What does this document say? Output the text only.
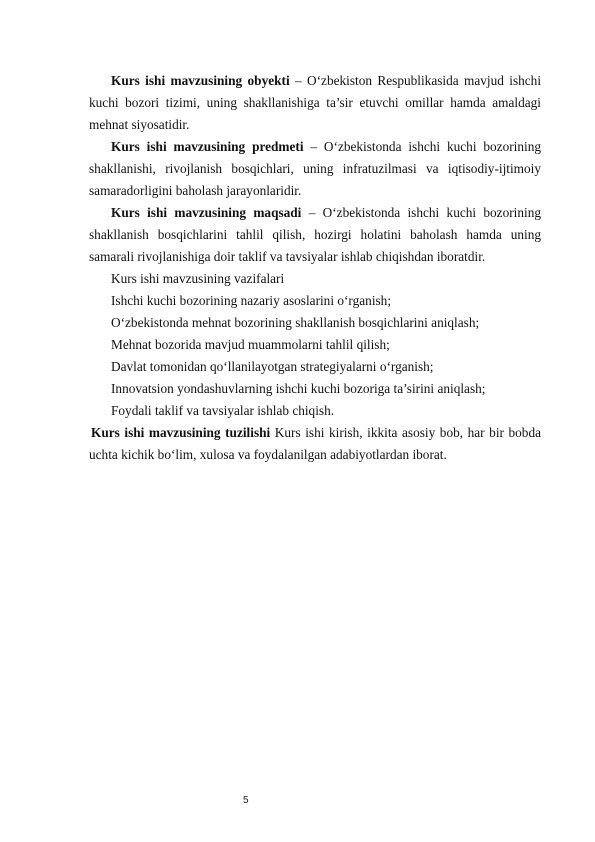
Kurs ishi mavzusining obyekti – O‘zbekiston Respublikasida mavjud ishchi kuchi bozori tizimi, uning shakllanishiga ta’sir etuvchi omillar hamda amaldagi mehnat siyosatidir.

Kurs ishi mavzusining predmeti – O‘zbekistonda ishchi kuchi bozorining shakllanishi, rivojlanish bosqichlari, uning infratuzilmasi va iqtisodiy-ijtimoiy samaradorligini baholash jarayonlaridir.

Kurs ishi mavzusining maqsadi – O‘zbekistonda ishchi kuchi bozorining shakllanish bosqichlarini tahlil qilish, hozirgi holatini baholash hamda uning samarali rivojlanishiga doir taklif va tavsiyalar ishlab chiqishdan iboratdir.

Kurs ishi mavzusining vazifalari

Ishchi kuchi bozorining nazariy asoslarini o‘rganish;

O‘zbekistonda mehnat bozorining shakllanish bosqichlarini aniqlash;

Mehnat bozorida mavjud muammolarni tahlil qilish;

Davlat tomonidan qo‘llanilayotgan strategiyalarni o‘rganish;

Innovatsion yondashuvlarning ishchi kuchi bozoriga ta’sirini aniqlash;

Foydali taklif va tavsiyalar ishlab chiqish.

Kurs ishi mavzusining tuzilishi Kurs ishi kirish, ikkita asosiy bob, har bir bobda uchta kichik bo‘lim, xulosa va foydalanilgan adabiyotlardan iborat.

5
